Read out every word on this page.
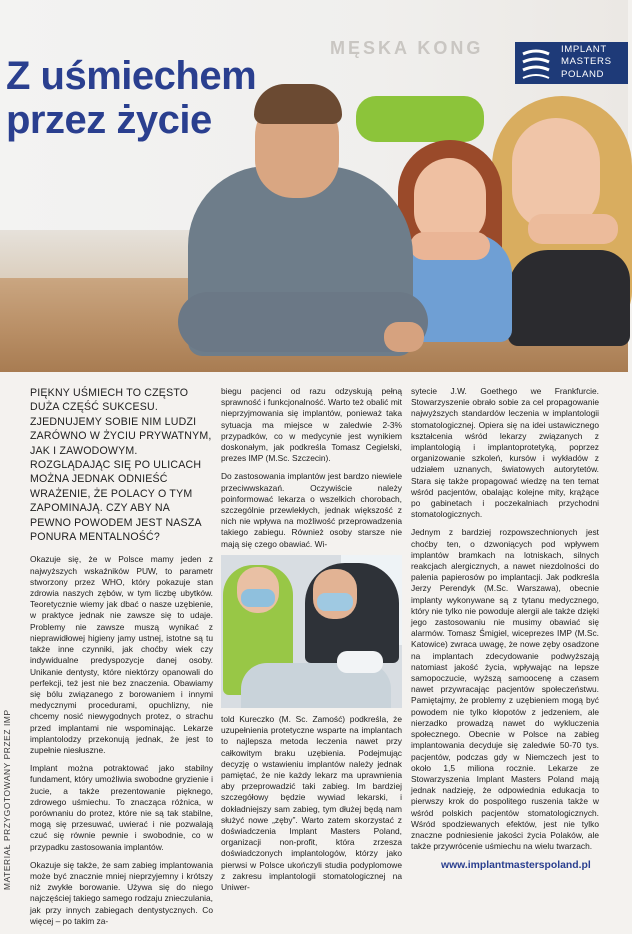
MĘSKA KONG
Z uśmiechem
przez życie
IMPLANT
MASTERS
POLAND

PIĘKNY UŚMIECH TO CZĘSTO DUŻA CZĘŚĆ SUKCESU. ZJEDNUJEMY SOBIE NIM LUDZI ZARÓWNO W ŻYCIU PRYWATNYM, JAK I ZAWODOWYM. ROZGLĄDAJĄC SIĘ PO ULICACH MOŻNA JEDNAK ODNIEŚĆ WRAŻENIE, ŻE POLACY O TYM ZAPOMINAJĄ. CZY ABY NA PEWNO POWODEM JEST NASZA PONURA MENTALNOŚĆ?

Okazuje się, że w Polsce mamy jeden z najwyższych wskaźników PUW, to parametr stworzony przez WHO, który pokazuje stan zdrowia naszych zębów, w tym liczbę ubytków. Teoretycznie wiemy jak dbać o nasze uzębienie, w praktyce jednak nie zawsze się to udaje. Problemy nie zawsze muszą wynikać z nieprawidłowej higieny jamy ustnej, istotne są tu także inne czynniki, jak choćby wiek czy indywidualne predyspozycje danej osoby. Unikanie dentysty, które niektórzy opanowali do perfekcji, też jest nie bez znaczenia. Obawiamy się bólu związanego z borowaniem i innymi medycznymi procedurami, opuchlizny, nie chcemy nosić niewygodnych protez, o strachu przed implantami nie wspominając. Lekarze implantolodzy przekonują jednak, że jest to zupełnie niesłuszne.

Implant można potraktować jako stabilny fundament, który umożliwia swobodne gryzienie i żucie, a także prezentowanie pięknego, zdrowego uśmiechu. To znacząca różnica, w porównaniu do protez, które nie są tak stabilne, mogą się przesuwać, uwierać i nie pozwalają czuć się równie pewnie i swobodnie, co w przypadku zastosowania implantów.

Okazuje się także, że sam zabieg implantowania może być znacznie mniej nieprzyjemny i krótszy niż zwykłe borowanie. Używa się do niego najczęściej takiego samego rodzaju znieczulania, jak przy innych zabiegach dentystycznych. Co więcej – po takim za-

biegu pacjenci od razu odzyskują pełną sprawność i funkcjonalność. Warto też obalić mit nieprzyjmowania się implantów, ponieważ taka sytuacja ma miejsce w zaledwie 2-3% przypadków, co w medycynie jest wynikiem doskonałym, jak podkreśla Tomasz Cegielski, prezes IMP (M.Sc. Szczecin).

Do zastosowania implantów jest bardzo niewiele przeciwwskazań. Oczywiście należy poinformować lekarza o wszelkich chorobach, szczególnie przewlekłych, jednak większość z nich nie wpływa na możliwość przeprowadzenia takiego zabiegu. Również osoby starsze nie mają się czego obawiać. Wi-

told Kureczko (M. Sc. Zamość) podkreśla, że uzupełnienia protetyczne wsparte na implantach to najlepsza metoda leczenia nawet przy całkowitym braku uzębienia. Podejmując decyzję o wstawieniu implantów należy jednak pamiętać, że nie każdy lekarz ma uprawnienia aby przeprowadzić taki zabieg. Im bardziej szczegółowy będzie wywiad lekarski, i dokładniejszy sam zabieg, tym dłużej będą nam służyć nowe „zęby”. Warto zatem skorzystać z doświadczenia Implant Masters Poland, organizacji non-profit, która zrzesza doświadczonych implantologów, którzy jako pierwsi w Polsce ukończyli studia podyplomowe z zakresu implantologii stomatologicznej na Uniwer-

sytecie J.W. Goethego we Frankfurcie. Stowarzyszenie obrało sobie za cel propagowanie najwyższych standardów leczenia w implantologii stomatologicznej. Opiera się na idei ustawicznego kształcenia wśród lekarzy związanych z implantologią i implantoprotetyką, poprzez organizowanie szkoleń, kursów i wykładów z udziałem uznanych, światowych autorytetów. Stara się także propagować wiedzę na ten temat wśród pacjentów, obalając kolejne mity, krążące po gabinetach i poczekalniach przychodni stomatologicznych.

Jednym z bardziej rozpowszechnionych jest choćby ten, o dzwoniących pod wpływem implantów bramkach na lotniskach, silnych reakcjach alergicznych, a nawet niezdolności do palenia papierosów po implantacji. Jak podkreśla Jerzy Perendyk (M.Sc. Warszawa), obecnie implanty wykonywane są z tytanu medycznego, który nie tylko nie powoduje alergii ale także dzięki jego zastosowaniu nie musimy obawiać się alarmów. Tomasz Śmigiel, wiceprezes IMP (M.Sc. Katowice) zwraca uwagę, że nowe zęby osadzone na implantach zdecydowanie podwyższają natomiast jakość życia, wpływając na lepsze samopoczucie, wyższą samoocenę a czasem nawet przywracając pacjentów społeczeństwu. Pamiętajmy, że problemy z uzębieniem mogą być powodem nie tylko kłopotów z jedzeniem, ale nierzadko prowadzą nawet do wykluczenia społecznego. Obecnie w Polsce na zabieg implantowania decyduje się zaledwie 50-70 tys. pacjentów, podczas gdy w Niemczech jest to około 1,5 miliona rocznie. Lekarze ze Stowarzyszenia Implant Masters Poland mają jednak nadzieję, że odpowiednia edukacja to pierwszy krok do pospolitego ruszenia także w wśród polskich pacjentów stomatologicznych. Wśród spodziewanych efektów, jest nie tylko znaczne podniesienie jakości życia Polaków, ale także przywrócenie uśmiechu na wielu twarzach.

MATERIAŁ PRZYGOTOWANY PRZEZ IMP	www.implantmasterspoland.pl
